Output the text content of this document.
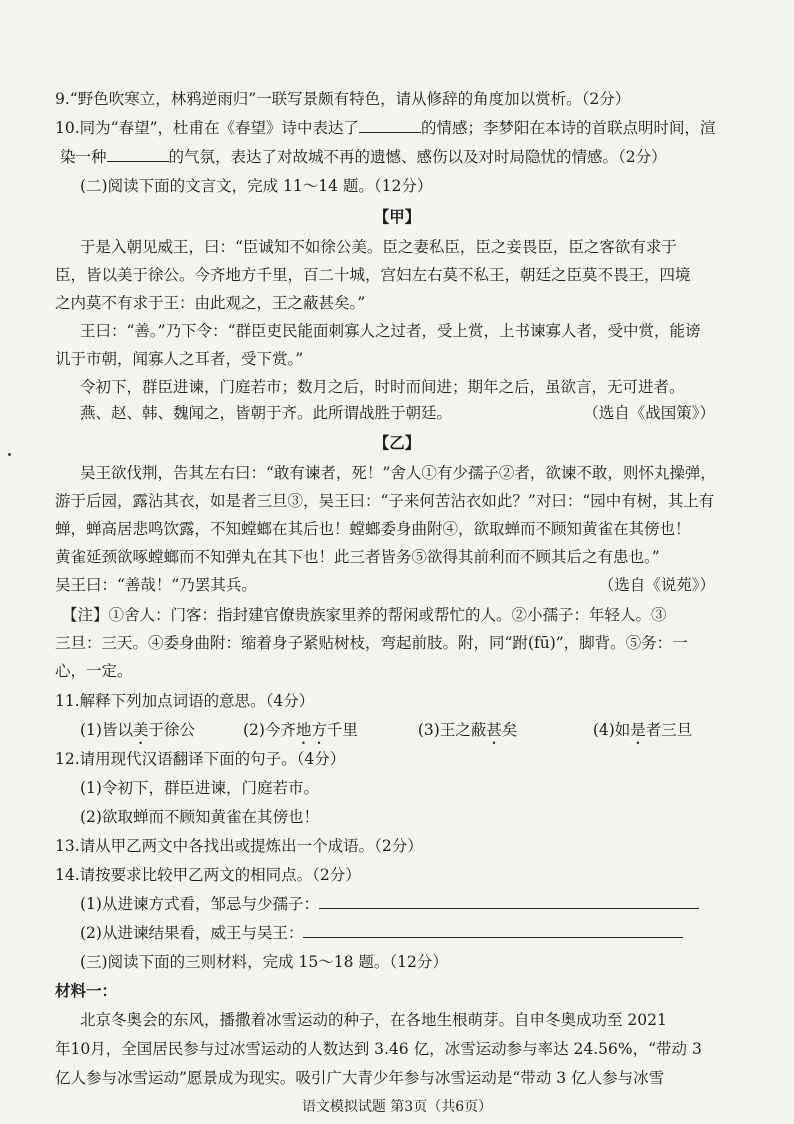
9.“野色吹寒立，林鸦逆雨归”一联写景颇有特色，请从修辞的角度加以赏析。（2分）
10.同为“春望”，杜甫在《春望》诗中表达了	的情感；李梦阳在本诗的首联点明时间，渲
染一种	的气氛，表达了对故城不再的遗憾、感伤以及对时局隐忧的情感。（2分）
(二)阅读下面的文言文，完成 11～14 题。（12分）
【甲】
于是入朝见威王，曰：“臣诚知不如徐公美。臣之妻私臣，臣之妾畏臣，臣之客欲有求于
臣，皆以美于徐公。今齐地方千里，百二十城，宫妇左右莫不私王，朝廷之臣莫不畏王，四境
之内莫不有求于王：由此观之，王之蔽甚矣。”
王曰：“善。”乃下令：“群臣吏民能面刺寡人之过者，受上赏，上书谏寡人者，受中赏，能谤
讥于市朝，闻寡人之耳者，受下赏。”
令初下，群臣进谏，门庭若市；数月之后，时时而间进；期年之后，虽欲言，无可进者。
燕、赵、韩、魏闻之，皆朝于齐。此所谓战胜于朝廷。	（选自《战国策》）
【乙】
吴王欲伐荆，告其左右曰：“敢有谏者，死！”舍人①有少孺子②者，欲谏不敢，则怀丸操弹，
游于后园，露沾其衣，如是者三旦③，吴王曰：“子来何苦沾衣如此？”对曰：“园中有树，其上有
蝉，蝉高居悲鸣饮露，不知螳螂在其后也！螳螂委身曲附④，欲取蝉而不顾知黄雀在其傍也！
黄雀延颈欲啄螳螂而不知弹丸在其下也！此三者皆务⑤欲得其前利而不顾其后之有患也。”
吴王曰：“善哉！”乃罢其兵。	（选自《说苑》）
【注】①舍人：门客：指封建官僚贵族家里养的帮闲或帮忙的人。②小孺子：年轻人。③
三旦：三天。④委身曲附：缩着身子紧贴树枝，弯起前肢。附，同“跗(fū)”，脚背。⑤务：一
心，一定。
11.解释下列加点词语的意思。（4分）
(1)皆以美于徐公	(2)今齐地方千里	(3)王之蔽甚矣	(4)如是者三旦
12.请用现代汉语翻译下面的句子。（4分）
(1)令初下，群臣进谏，门庭若市。
(2)欲取蝉而不顾知黄雀在其傍也！
13.请从甲乙两文中各找出或提炼出一个成语。（2分）
14.请按要求比较甲乙两文的相同点。（2分）
(1)从进谏方式看，邹忌与少孺子：
(2)从进谏结果看，威王与吴王：
(三)阅读下面的三则材料，完成 15～18 题。（12分）
材料一：
北京冬奥会的东风，播撒着冰雪运动的种子，在各地生根萌芽。自申冬奥成功至 2021
年10月，全国居民参与过冰雪运动的人数达到 3.46 亿，冰雪运动参与率达 24.56%，“带动 3
亿人参与冰雪运动”愿景成为现实。吸引广大青少年参与冰雪运动是“带动 3 亿人参与冰雪
语文模拟试题 第3页（共6页）
